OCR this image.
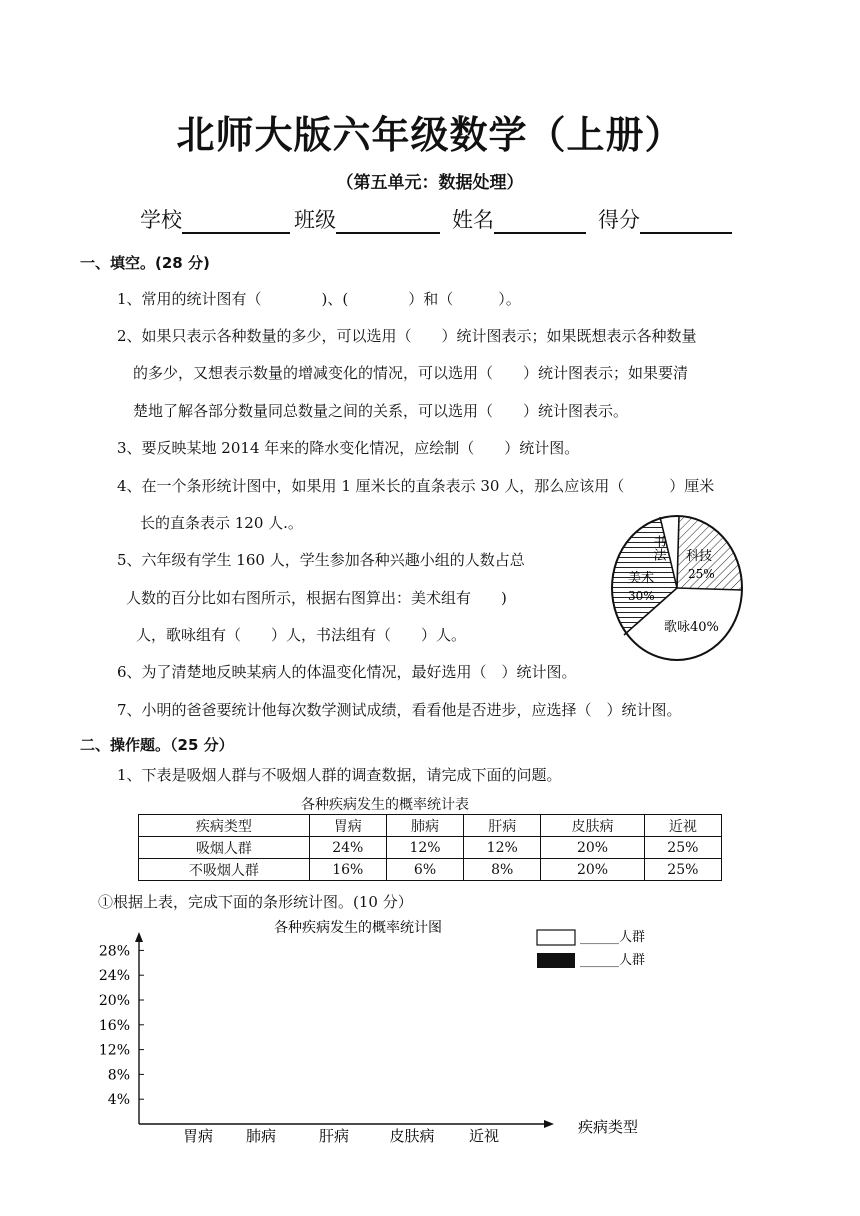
北师大版六年级数学（上册）
（第五单元：数据处理）
学校	班级	姓名	得分
一、填空。(28 分)
1、常用的统计图有（　　　　)、(　　　　）和（　　　）。
2、如果只表示各种数量的多少，可以选用（　　）统计图表示；如果既想表示各种数量
的多少，又想表示数量的增减变化的情况，可以选用（　　）统计图表示；如果要清
楚地了解各部分数量同总数量之间的关系，可以选用（　　）统计图表示。
3、要反映某地 2014 年来的降水变化情况，应绘制（　　）统计图。
4、在一个条形统计图中，如果用 1 厘米长的直条表示 30 人，那么应该用（　　　）厘米
长的直条表示 120 人.。
5、六年级有学生 160 人，学生参加各种兴趣小组的人数占总
人数的百分比如右图所示，根据右图算出：美术组有　　)
人，歌咏组有（　　）人，书法组有（　　）人。
6、为了清楚地反映某病人的体温变化情况，最好选用（　）统计图。
7、小明的爸爸要统计他每次数学测试成绩，看看他是否进步，应选择（　）统计图。
书法 科技
25%
美术
30%
歌咏40%
二、操作题。（25 分）
1、下表是吸烟人群与不吸烟人群的调查数据，请完成下面的问题。
各种疾病发生的概率统计表
疾病类型	胃病	肺病	肝病	皮肤病	近视
吸烟人群	24%	12%	12%	20%	25%
不吸烟人群	16%	6%	8%	20%	25%
①根据上表，完成下面的条形统计图。(10 分）
各种疾病发生的概率统计图
4%
8%
12%
16%
20%
24%
28%
胃病 肺病	肝病	皮肤病 近视	疾病类型
______人群
______人群
